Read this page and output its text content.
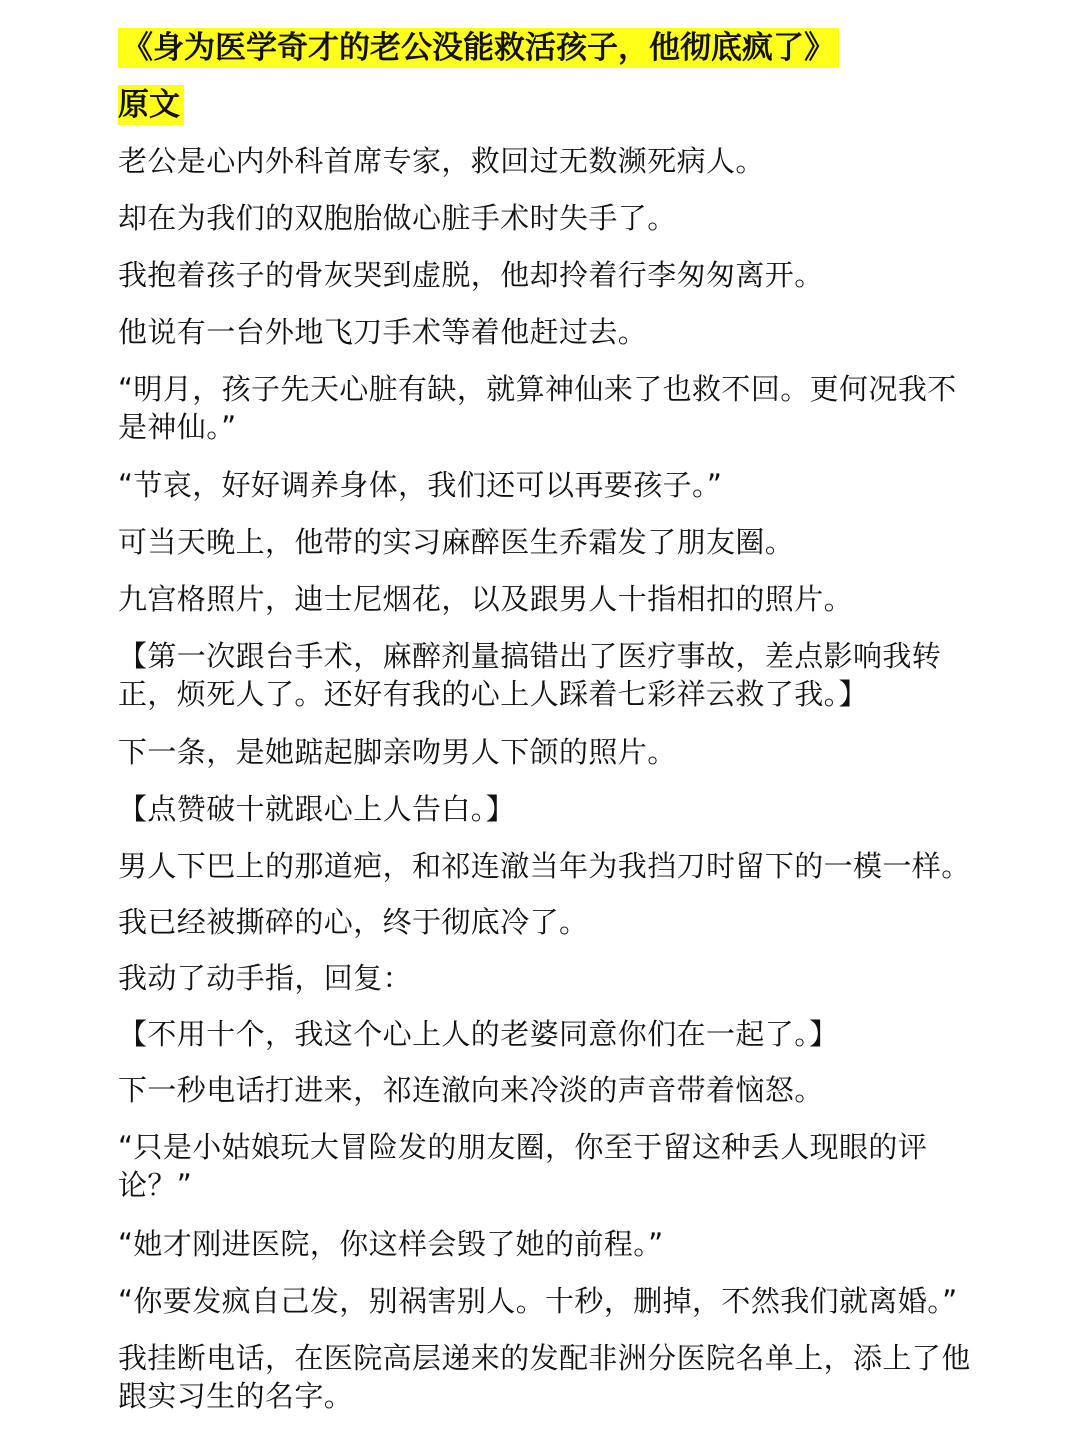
《身为医学奇才的老公没能救活孩子，他彻底疯了》
原文
老公是心内外科首席专家，救回过无数濒死病人。
却在为我们的双胞胎做心脏手术时失手了。
我抱着孩子的骨灰哭到虚脱，他却拎着行李匆匆离开。
他说有一台外地飞刀手术等着他赶过去。
“明月，孩子先天心脏有缺，就算神仙来了也救不回。更何况我不是神仙。”
“节哀，好好调养身体，我们还可以再要孩子。”
可当天晚上，他带的实习麻醉医生乔霜发了朋友圈。
九宫格照片，迪士尼烟花，以及跟男人十指相扣的照片。
【第一次跟台手术，麻醉剂量搞错出了医疗事故，差点影响我转正，烦死人了。还好有我的心上人踩着七彩祥云救了我。】
下一条，是她踮起脚亲吻男人下颌的照片。
【点赞破十就跟心上人告白。】
男人下巴上的那道疤，和祁连澈当年为我挡刀时留下的一模一样。
我已经被撕碎的心，终于彻底冷了。
我动了动手指，回复：
【不用十个，我这个心上人的老婆同意你们在一起了。】
下一秒电话打进来，祁连澈向来冷淡的声音带着恼怒。
“只是小姑娘玩大冒险发的朋友圈，你至于留这种丢人现眼的评论？”
“她才刚进医院，你这样会毁了她的前程。”
“你要发疯自己发，别祸害别人。十秒，删掉，不然我们就离婚。”
我挂断电话，在医院高层递来的发配非洲分医院名单上，添上了他跟实习生的名字。
